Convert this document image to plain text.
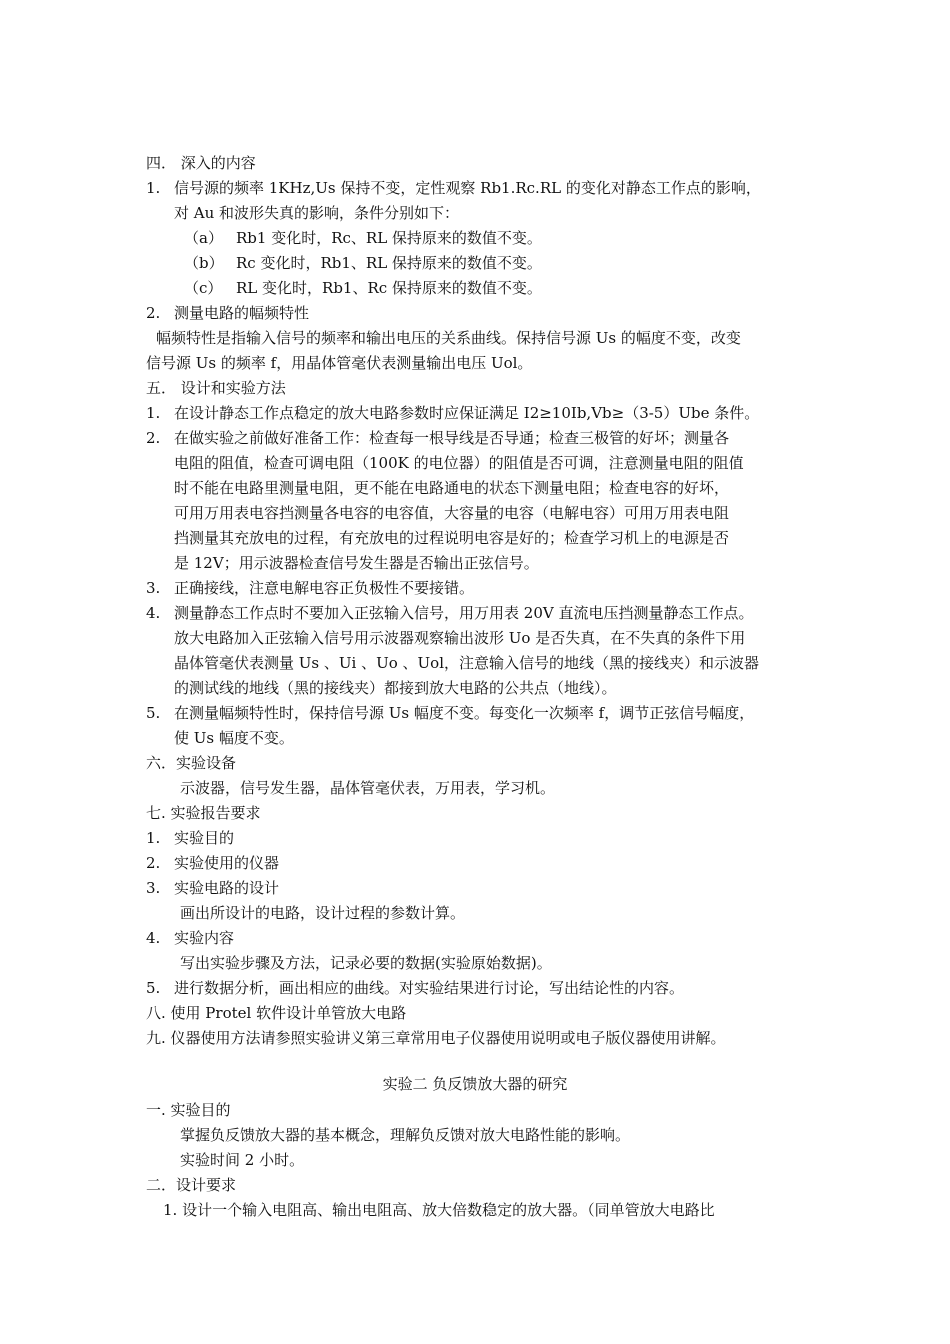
四． 深入的内容
1. 信号源的频率 1KHz,Us 保持不变，定性观察 Rb1.Rc.RL 的变化对静态工作点的影响，
对 Au 和波形失真的影响，条件分别如下：
（a） Rb1 变化时，Rc、RL 保持原来的数值不变。
（b） Rc 变化时，Rb1、RL 保持原来的数值不变。
（c） RL 变化时，Rb1、Rc 保持原来的数值不变。
2. 测量电路的幅频特性
幅频特性是指输入信号的频率和输出电压的关系曲线。保持信号源 Us 的幅度不变，改变
信号源 Us 的频率 f，用晶体管毫伏表测量输出电压 Uol。
五． 设计和实验方法
1. 在设计静态工作点稳定的放大电路参数时应保证满足 I2≥10Ib,Vb≥（3-5）Ube 条件。
2. 在做实验之前做好准备工作：检查每一根导线是否导通；检查三极管的好坏；测量各
电阻的阻值，检查可调电阻（100K 的电位器）的阻值是否可调，注意测量电阻的阻值
时不能在电路里测量电阻，更不能在电路通电的状态下测量电阻；检查电容的好坏，
可用万用表电容挡测量各电容的电容值，大容量的电容（电解电容）可用万用表电阻
挡测量其充放电的过程，有充放电的过程说明电容是好的；检查学习机上的电源是否
是 12V；用示波器检查信号发生器是否输出正弦信号。
3. 正确接线，注意电解电容正负极性不要接错。
4. 测量静态工作点时不要加入正弦输入信号，用万用表 20V 直流电压挡测量静态工作点。
放大电路加入正弦输入信号用示波器观察输出波形 Uo 是否失真，在不失真的条件下用
晶体管毫伏表测量 Us 、Ui 、Uo 、Uol，注意输入信号的地线（黑的接线夹）和示波器
的测试线的地线（黑的接线夹）都接到放大电路的公共点（地线）。
5. 在测量幅频特性时，保持信号源 Us 幅度不变。每变化一次频率 f，调节正弦信号幅度，
使 Us 幅度不变。
六．实验设备
示波器，信号发生器，晶体管毫伏表，万用表，学习机。
七. 实验报告要求
1. 实验目的
2. 实验使用的仪器
3. 实验电路的设计
画出所设计的电路，设计过程的参数计算。
4. 实验内容
写出实验步骤及方法，记录必要的数据(实验原始数据)。
5. 进行数据分析，画出相应的曲线。对实验结果进行讨论，写出结论性的内容。
八. 使用 Protel 软件设计单管放大电路
九. 仪器使用方法请参照实验讲义第三章常用电子仪器使用说明或电子版仪器使用讲解。
实验二 负反馈放大器的研究
一. 实验目的
掌握负反馈放大器的基本概念，理解负反馈对放大电路性能的影响。
实验时间 2 小时。
二．设计要求
1. 设计一个输入电阻高、输出电阻高、放大倍数稳定的放大器。（同单管放大电路比
